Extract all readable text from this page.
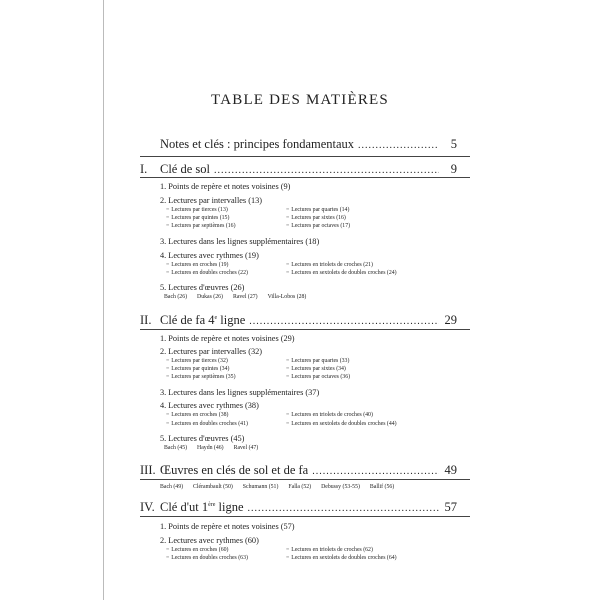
TABLE DES MATIÈRES
Notes et clés : principes fondamentaux .....	5
I.	Clé de sol .....	9
1. Points de repère et notes voisines (9)
2. Lectures par intervalles (13)
= Lectures par tierces (13)	= Lectures par quartes (14)
= Lectures par quintes (15)	= Lectures par sixtes (16)
= Lectures par septièmes (16)	= Lectures par octaves (17)
3. Lectures dans les lignes supplémentaires (18)
4. Lectures avec rythmes (19)
= Lectures en croches (19)	= Lectures en triolets de croches (21)
= Lectures en doubles croches (22)	= Lectures en sextolets de doubles croches (24)
5. Lectures d'œuvres (26)
Bach (26) Dukas (26) Ravel (27) Villa-Lobos (28)
II. Clé de fa 4e ligne .....	29
1. Points de repère et notes voisines (29)
2. Lectures par intervalles (32)
= Lectures par tierces (32)	= Lectures par quartes (33)
= Lectures par quintes (34)	= Lectures par sixtes (34)
= Lectures par septièmes (35)	= Lectures par octaves (36)
3. Lectures dans les lignes supplémentaires (37)
4. Lectures avec rythmes (38)
= Lectures en croches (38)	= Lectures en triolets de croches (40)
= Lectures en doubles croches (41)	= Lectures en sextolets de doubles croches (44)
5. Lectures d'œuvres (45)
Bach (45) Haydn (46) Ravel (47)
III. Œuvres en clés de sol et de fa .....	49
Bach (49) Clérambault (50) Schumann (51) Falla (52) Debussy (53-55) Ballif (56)
IV. Clé d'ut 1ère ligne .....	57
1. Points de repère et notes voisines (57)
2. Lectures avec rythmes (60)
= Lectures en croches (60)	= Lectures en triolets de croches (62)
= Lectures en doubles croches (63)	= Lectures en sextolets de doubles croches (64)
